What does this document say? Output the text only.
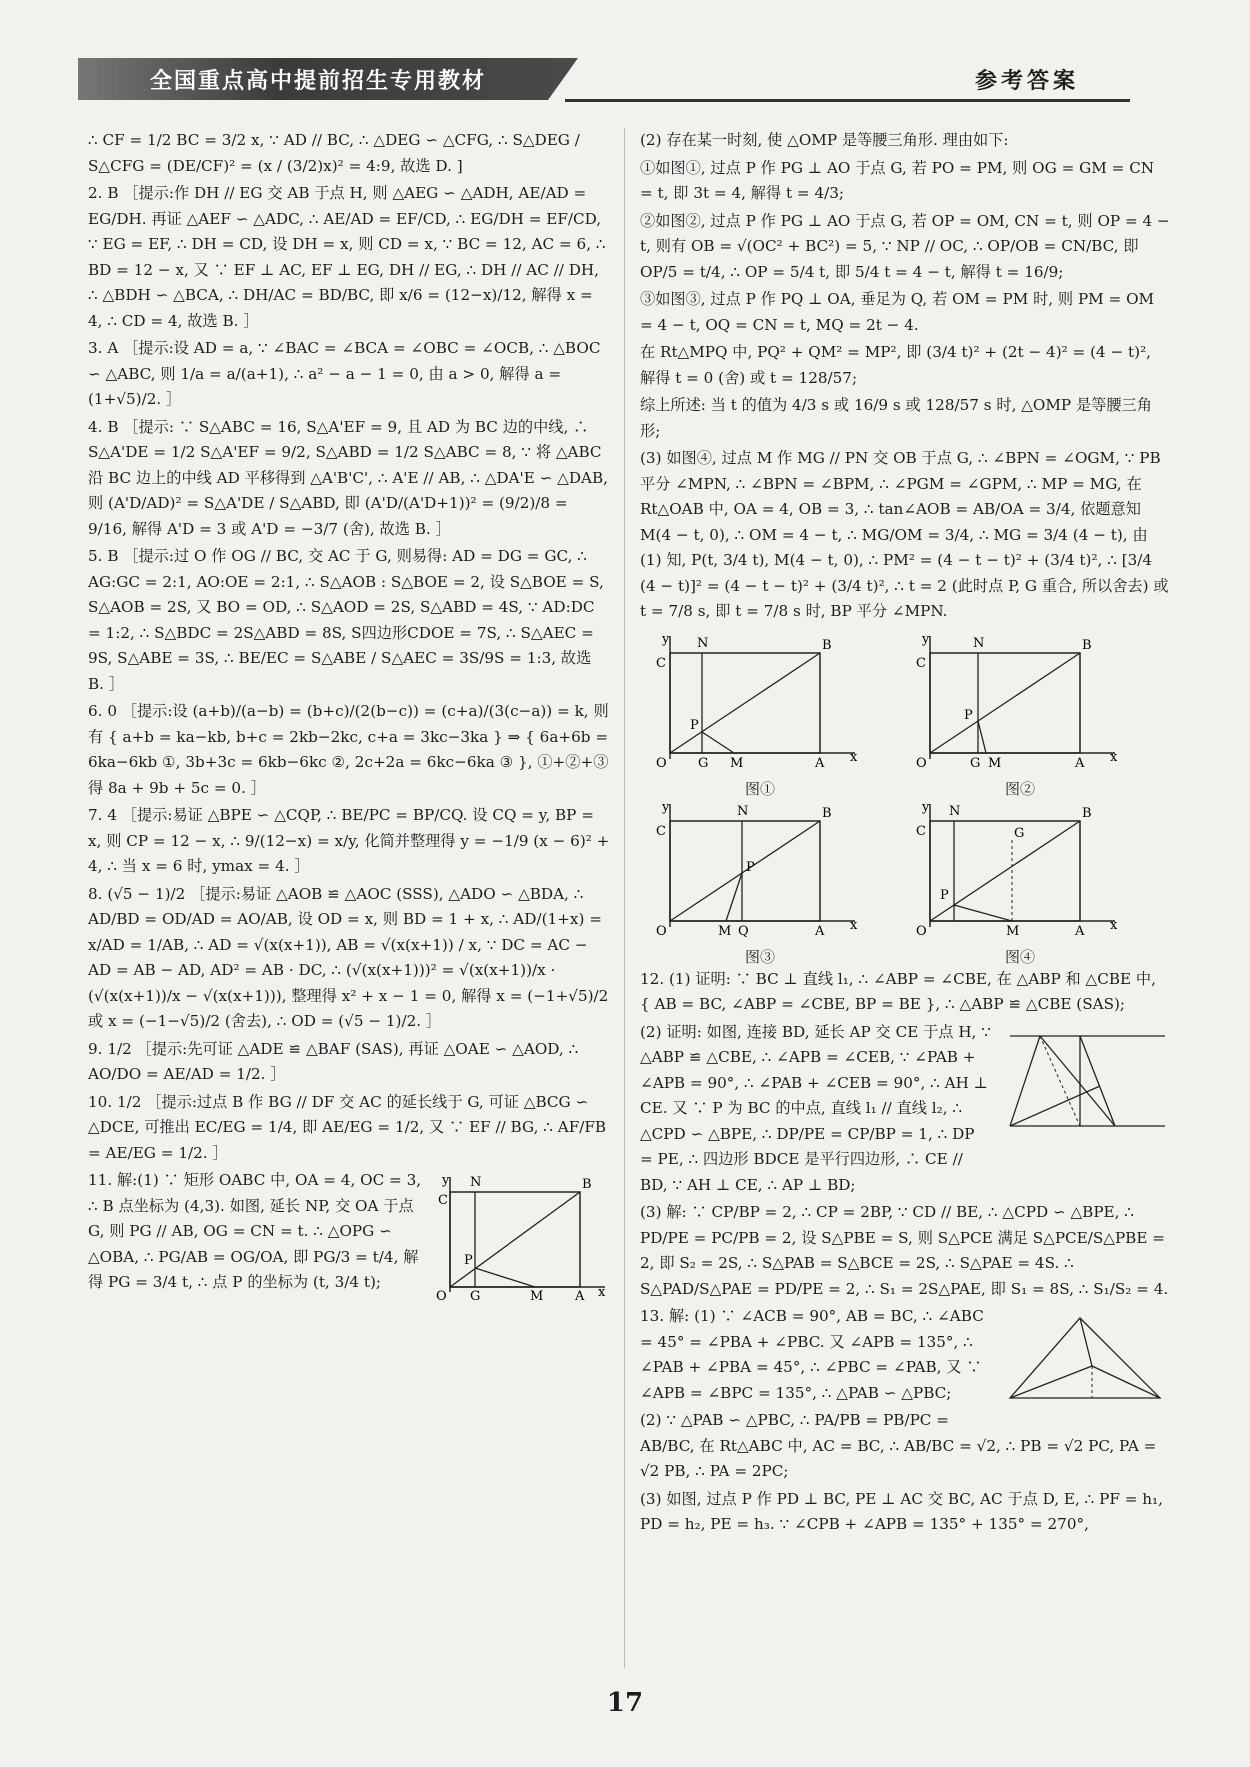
全国重点高中提前招生专用教材	参考答案

∴ CF = 1/2 BC = 3/2 x, ∵ AD // BC, ∴ △DEG ∽ △CFG, ∴ S△DEG / S△CFG = (DE/CF)² = (x / (3/2)x)² = 4:9, 故选 D. ]

2. B ［提示:作 DH // EG 交 AB 于点 H, 则 △AEG ∽ △ADH, AE/AD = EG/DH. 再证 △AEF ∽ △ADC, ∴ AE/AD = EF/CD, ∴ EG/DH = EF/CD, ∵ EG = EF, ∴ DH = CD, 设 DH = x, 则 CD = x, ∵ BC = 12, AC = 6, ∴ BD = 12 − x, 又 ∵ EF ⊥ AC, EF ⊥ EG, DH // EG, ∴ DH // AC // DH, ∴ △BDH ∽ △BCA, ∴ DH/AC = BD/BC, 即 x/6 = (12−x)/12, 解得 x = 4, ∴ CD = 4, 故选 B. ］

3. A ［提示:设 AD = a, ∵ ∠BAC = ∠BCA = ∠OBC = ∠OCB, ∴ △BOC ∽ △ABC, 则 1/a = a/(a+1), ∴ a² − a − 1 = 0, 由 a > 0, 解得 a = (1+√5)/2. ］

4. B ［提示: ∵ S△ABC = 16, S△A'EF = 9, 且 AD 为 BC 边的中线, ∴ S△A'DE = 1/2 S△A'EF = 9/2, S△ABD = 1/2 S△ABC = 8, ∵ 将 △ABC 沿 BC 边上的中线 AD 平移得到 △A'B'C', ∴ A'E // AB, ∴ △DA'E ∽ △DAB, 则 (A'D/AD)² = S△A'DE / S△ABD, 即 (A'D/(A'D+1))² = (9/2)/8 = 9/16, 解得 A'D = 3 或 A'D = −3/7 (舍), 故选 B. ］

5. B ［提示:过 O 作 OG // BC, 交 AC 于 G, 则易得: AD = DG = GC, ∴ AG:GC = 2:1, AO:OE = 2:1, ∴ S△AOB : S△BOE = 2, 设 S△BOE = S, S△AOB = 2S, 又 BO = OD, ∴ S△AOD = 2S, S△ABD = 4S, ∵ AD:DC = 1:2, ∴ S△BDC = 2S△ABD = 8S, S四边形CDOE = 7S, ∴ S△AEC = 9S, S△ABE = 3S, ∴ BE/EC = S△ABE / S△AEC = 3S/9S = 1:3, 故选 B. ］

6. 0 ［提示:设 (a+b)/(a−b) = (b+c)/(2(b−c)) = (c+a)/(3(c−a)) = k, 则有 { a+b = ka−kb, b+c = 2kb−2kc, c+a = 3kc−3ka } ⇒ { 6a+6b = 6ka−6kb ①, 3b+3c = 6kb−6kc ②, 2c+2a = 6kc−6ka ③ }, ①+②+③ 得 8a + 9b + 5c = 0. ］

7. 4 ［提示:易证 △BPE ∽ △CQP, ∴ BE/PC = BP/CQ. 设 CQ = y, BP = x, 则 CP = 12 − x, ∴ 9/(12−x) = x/y, 化简并整理得 y = −1/9 (x − 6)² + 4, ∴ 当 x = 6 时, ymax = 4. ］

8. (√5 − 1)/2 ［提示:易证 △AOB ≌ △AOC (SSS), △ADO ∽ △BDA, ∴ AD/BD = OD/AD = AO/AB, 设 OD = x, 则 BD = 1 + x, ∴ AD/(1+x) = x/AD = 1/AB, ∴ AD = √(x(x+1)), AB = √(x(x+1)) / x, ∵ DC = AC − AD = AB − AD, AD² = AB · DC, ∴ (√(x(x+1)))² = √(x(x+1))/x · (√(x(x+1))/x − √(x(x+1))), 整理得 x² + x − 1 = 0, 解得 x = (−1+√5)/2 或 x = (−1−√5)/2 (舍去), ∴ OD = (√5 − 1)/2. ］

9. 1/2 ［提示:先可证 △ADE ≌ △BAF (SAS), 再证 △OAE ∽ △AOD, ∴ AO/DO = AE/AD = 1/2. ］

10. 1/2 ［提示:过点 B 作 BG // DF 交 AC 的延长线于 G, 可证 △BCG ∽ △DCE, 可推出 EC/EG = 1/4, 即 AE/EG = 1/2, 又 ∵ EF // BG, ∴ AF/FB = AE/EG = 1/2. ］

y
C
N	B
P
O G	M A x

11. 解:(1) ∵ 矩形 OABC 中, OA = 4, OC = 3, ∴ B 点坐标为 (4,3). 如图, 延长 NP, 交 OA 于点 G, 则 PG // AB, OG = CN = t. ∴ △OPG ∽ △OBA, ∴ PG/AB = OG/OA, 即 PG/3 = t/4, 解得 PG = 3/4 t, ∴ 点 P 的坐标为 (t, 3/4 t);

(2) 存在某一时刻, 使 △OMP 是等腰三角形. 理由如下:

①如图①, 过点 P 作 PG ⊥ AO 于点 G, 若 PO = PM, 则 OG = GM = CN = t, 即 3t = 4, 解得 t = 4/3;

②如图②, 过点 P 作 PG ⊥ AO 于点 G, 若 OP = OM, CN = t, 则 OP = 4 − t, 则有 OB = √(OC² + BC²) = 5, ∵ NP // OC, ∴ OP/OB = CN/BC, 即 OP/5 = t/4, ∴ OP = 5/4 t, 即 5/4 t = 4 − t, 解得 t = 16/9;

③如图③, 过点 P 作 PQ ⊥ OA, 垂足为 Q, 若 OM = PM 时, 则 PM = OM = 4 − t, OQ = CN = t, MQ = 2t − 4.

在 Rt△MPQ 中, PQ² + QM² = MP², 即 (3/4 t)² + (2t − 4)² = (4 − t)², 解得 t = 0 (舍) 或 t = 128/57;

综上所述: 当 t 的值为 4/3 s 或 16/9 s 或 128/57 s 时, △OMP 是等腰三角形;

(3) 如图④, 过点 M 作 MG // PN 交 OB 于点 G, ∴ ∠BPN = ∠OGM, ∵ PB 平分 ∠MPN, ∴ ∠BPN = ∠BPM, ∴ ∠PGM = ∠GPM, ∴ MP = MG, 在 Rt△OAB 中, OA = 4, OB = 3, ∴ tan∠AOB = AB/OA = 3/4, 依题意知 M(4 − t, 0), ∴ OM = 4 − t, ∴ MG/OM = 3/4, ∴ MG = 3/4 (4 − t), 由 (1) 知, P(t, 3/4 t), M(4 − t, 0), ∴ PM² = (4 − t − t)² + (3/4 t)², ∴ [3/4 (4 − t)]² = (4 − t − t)² + (3/4 t)², ∴ t = 2 (此时点 P, G 重合, 所以舍去) 或 t = 7/8 s, 即 t = 7/8 s 时, BP 平分 ∠MPN.

y
C
N	B
P
O G M	A x
图①
y
C
N	B
P
O	G M	A x
图②
y
C
N	B
P
O	M Q	A x
图③
y
C
N	B
P
G
O	M	A x
图④

12. (1) 证明: ∵ BC ⊥ 直线 l₁, ∴ ∠ABP = ∠CBE, 在 △ABP 和 △CBE 中, { AB = BC, ∠ABP = ∠CBE, BP = BE }, ∴ △ABP ≌ △CBE (SAS);

(2) 证明: 如图, 连接 BD, 延长 AP 交 CE 于点 H, ∵ △ABP ≌ △CBE, ∴ ∠APB = ∠CEB, ∵ ∠PAB + ∠APB = 90°, ∴ ∠PAB + ∠CEB = 90°, ∴ AH ⊥ CE. 又 ∵ P 为 BC 的中点, 直线 l₁ // 直线 l₂, ∴ △CPD ∽ △BPE, ∴ DP/PE = CP/BP = 1, ∴ DP = PE, ∴ 四边形 BDCE 是平行四边形, ∴ CE // BD, ∵ AH ⊥ CE, ∴ AP ⊥ BD;

(3) 解: ∵ CP/BP = 2, ∴ CP = 2BP, ∵ CD // BE, ∴ △CPD ∽ △BPE, ∴ PD/PE = PC/PB = 2, 设 S△PBE = S, 则 S△PCE 满足 S△PCE/S△PBE = 2, 即 S₂ = 2S, ∴ S△PAB = S△BCE = 2S, ∴ S△PAE = 4S. ∴ S△PAD/S△PAE = PD/PE = 2, ∴ S₁ = 2S△PAE, 即 S₁ = 8S, ∴ S₁/S₂ = 4.

13. 解: (1) ∵ ∠ACB = 90°, AB = BC, ∴ ∠ABC = 45° = ∠PBA + ∠PBC. 又 ∠APB = 135°, ∴ ∠PAB + ∠PBA = 45°, ∴ ∠PBC = ∠PAB, 又 ∵ ∠APB = ∠BPC = 135°, ∴ △PAB ∽ △PBC;

(2) ∵ △PAB ∽ △PBC, ∴ PA/PB = PB/PC = AB/BC, 在 Rt△ABC 中, AC = BC, ∴ AB/BC = √2, ∴ PB = √2 PC, PA = √2 PB, ∴ PA = 2PC;

(3) 如图, 过点 P 作 PD ⊥ BC, PE ⊥ AC 交 BC, AC 于点 D, E, ∴ PF = h₁, PD = h₂, PE = h₃. ∵ ∠CPB + ∠APB = 135° + 135° = 270°,

17
